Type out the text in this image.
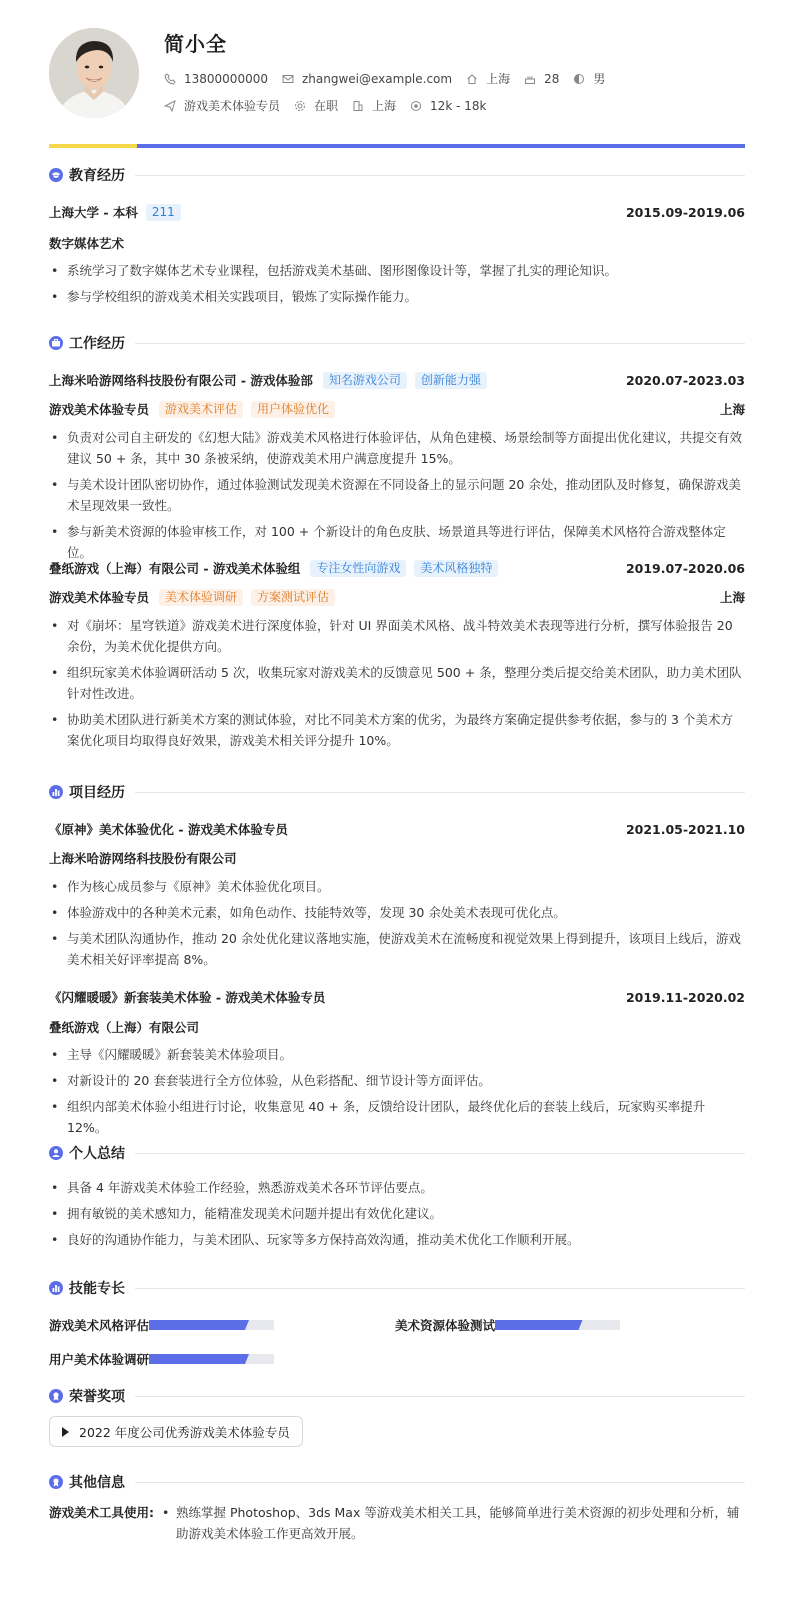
简小全
13800000000	zhangwei@example.com	上海	28	男
游戏美术体验专员	在职	上海	12k - 18k
教育经历
上海大学 - 本科	211	2015.09-2019.06
数字媒体艺术
• 系统学习了数字媒体艺术专业课程，包括游戏美术基础、图形图像设计等，掌握了扎实的理论知识。
• 参与学校组织的游戏美术相关实践项目，锻炼了实际操作能力。
工作经历
上海米哈游网络科技股份有限公司 - 游戏体验部	知名游戏公司	创新能力强	2020.07-2023.03
游戏美术体验专员	游戏美术评估	用户体验优化	上海
• 负责对公司自主研发的《幻想大陆》游戏美术风格进行体验评估，从角色建模、场景绘制等方面提出优化建议，共提交有效建议 50 + 条，其中 30 条被采纳，使游戏美术用户满意度提升 15%。
• 与美术设计团队密切协作，通过体验测试发现美术资源在不同设备上的显示问题 20 余处，推动团队及时修复，确保游戏美术呈现效果一致性。
• 参与新美术资源的体验审核工作，对 100 + 个新设计的角色皮肤、场景道具等进行评估，保障美术风格符合游戏整体定位。
叠纸游戏（上海）有限公司 - 游戏美术体验组	专注女性向游戏	美术风格独特	2019.07-2020.06
游戏美术体验专员	美术体验调研	方案测试评估	上海
• 对《崩坏：星穹铁道》游戏美术进行深度体验，针对 UI 界面美术风格、战斗特效美术表现等进行分析，撰写体验报告 20 余份，为美术优化提供方向。
• 组织玩家美术体验调研活动 5 次，收集玩家对游戏美术的反馈意见 500 + 条，整理分类后提交给美术团队，助力美术团队针对性改进。
• 协助美术团队进行新美术方案的测试体验，对比不同美术方案的优劣，为最终方案确定提供参考依据，参与的 3 个美术方案优化项目均取得良好效果，游戏美术相关评分提升 10%。
项目经历
《原神》美术体验优化 - 游戏美术体验专员	2021.05-2021.10
上海米哈游网络科技股份有限公司
• 作为核心成员参与《原神》美术体验优化项目。
• 体验游戏中的各种美术元素，如角色动作、技能特效等，发现 30 余处美术表现可优化点。
• 与美术团队沟通协作，推动 20 余处优化建议落地实施，使游戏美术在流畅度和视觉效果上得到提升，该项目上线后，游戏美术相关好评率提高 8%。
《闪耀暖暖》新套装美术体验 - 游戏美术体验专员	2019.11-2020.02
叠纸游戏（上海）有限公司
• 主导《闪耀暖暖》新套装美术体验项目。
• 对新设计的 20 套套装进行全方位体验，从色彩搭配、细节设计等方面评估。
• 组织内部美术体验小组进行讨论，收集意见 40 + 条，反馈给设计团队，最终优化后的套装上线后，玩家购买率提升 12%。
个人总结
• 具备 4 年游戏美术体验工作经验，熟悉游戏美术各环节评估要点。
• 拥有敏锐的美术感知力，能精准发现美术问题并提出有效优化建议。
• 良好的沟通协作能力，与美术团队、玩家等多方保持高效沟通，推动美术优化工作顺利开展。
技能专长
游戏美术风格评估	美术资源体验测试
用户美术体验调研
荣誉奖项
2022 年度公司优秀游戏美术体验专员
其他信息
游戏美术工具使用:
•	熟练掌握 Photoshop、3ds Max 等游戏美术相关工具，能够简单进行美术资源的初步处理和分析，辅助游戏美术体验工作更高效开展。
